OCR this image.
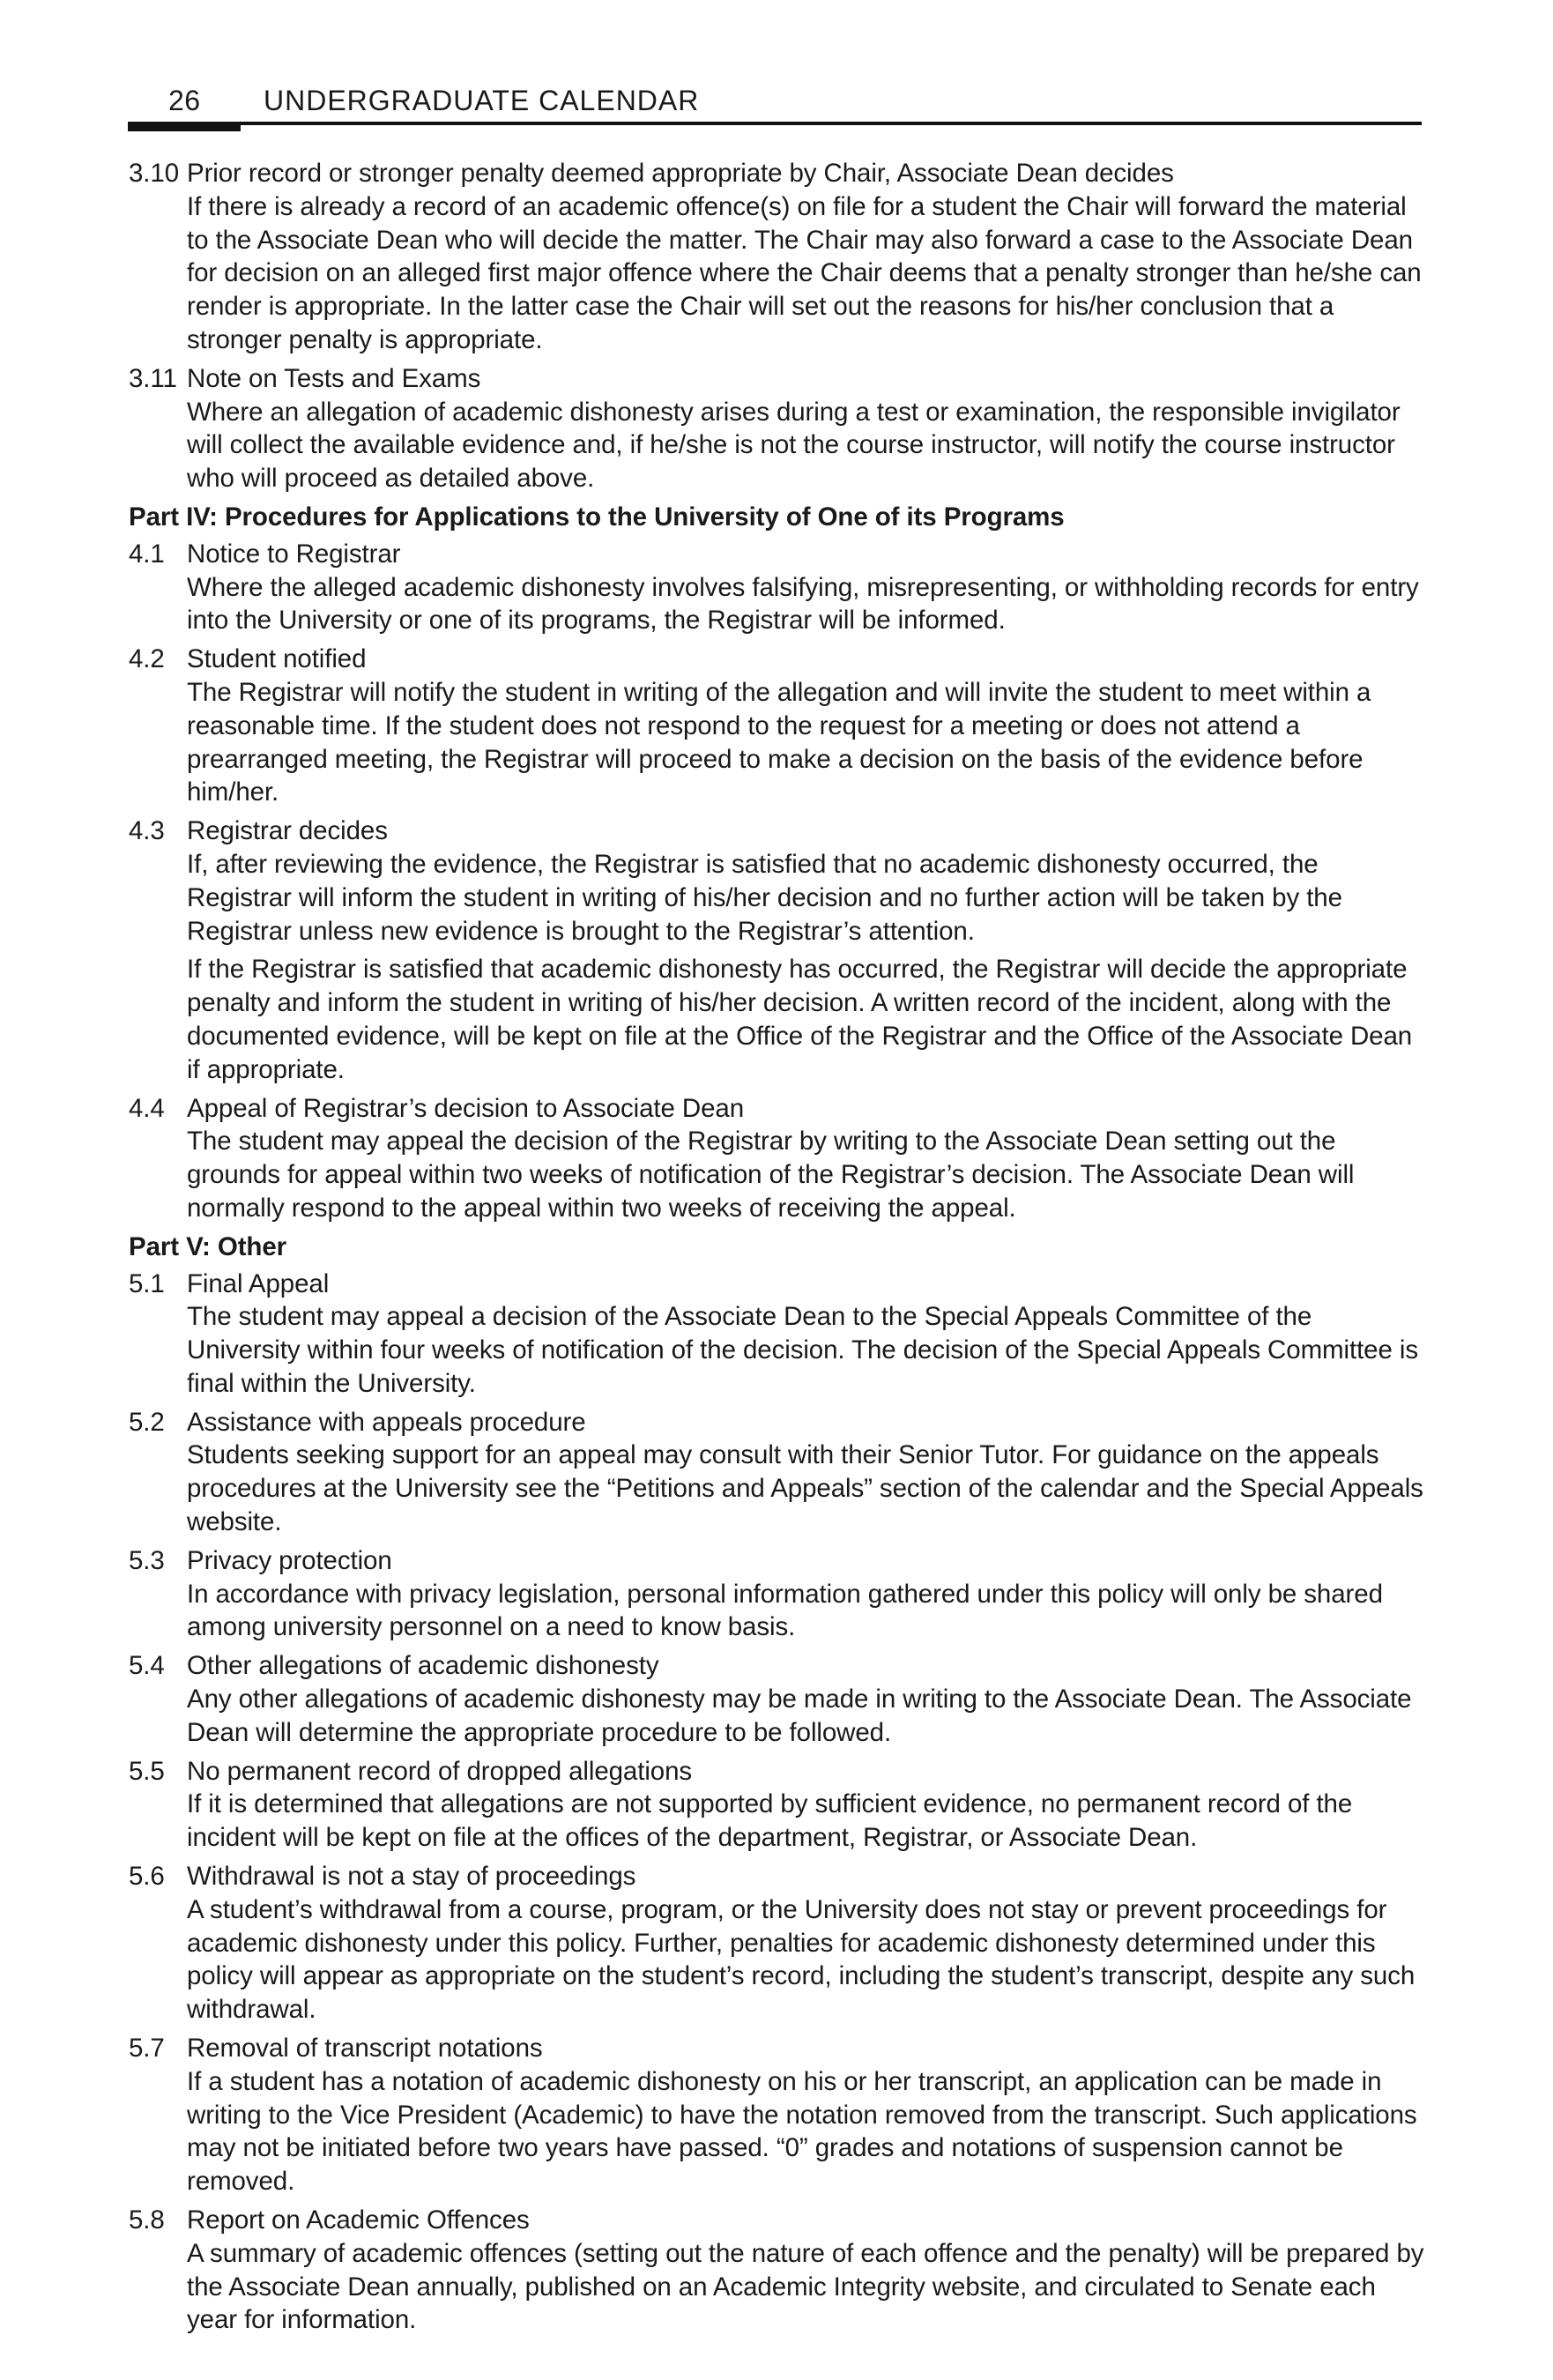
26 UNDERGRADUATE CALENDAR
3.10 Prior record or stronger penalty deemed appropriate by Chair, Associate Dean decides
If there is already a record of an academic offence(s) on file for a student the Chair will forward the material to the Associate Dean who will decide the matter. The Chair may also forward a case to the Associate Dean for decision on an alleged first major offence where the Chair deems that a penalty stronger than he/she can render is appropriate. In the latter case the Chair will set out the reasons for his/her conclusion that a stronger penalty is appropriate.
3.11 Note on Tests and Exams
Where an allegation of academic dishonesty arises during a test or examination, the responsible invigilator will collect the available evidence and, if he/she is not the course instructor, will notify the course instructor who will proceed as detailed above.
Part IV: Procedures for Applications to the University of One of its Programs
4.1 Notice to Registrar
Where the alleged academic dishonesty involves falsifying, misrepresenting, or withholding records for entry into the University or one of its programs, the Registrar will be informed.
4.2 Student notified
The Registrar will notify the student in writing of the allegation and will invite the student to meet within a reasonable time. If the student does not respond to the request for a meeting or does not attend a prearranged meeting, the Registrar will proceed to make a decision on the basis of the evidence before him/her.
4.3 Registrar decides
If, after reviewing the evidence, the Registrar is satisfied that no academic dishonesty occurred, the Registrar will inform the student in writing of his/her decision and no further action will be taken by the Registrar unless new evidence is brought to the Registrar’s attention.
If the Registrar is satisfied that academic dishonesty has occurred, the Registrar will decide the appropriate penalty and inform the student in writing of his/her decision. A written record of the incident, along with the documented evidence, will be kept on file at the Office of the Registrar and the Office of the Associate Dean if appropriate.
4.4 Appeal of Registrar’s decision to Associate Dean
The student may appeal the decision of the Registrar by writing to the Associate Dean setting out the grounds for appeal within two weeks of notification of the Registrar’s decision. The Associate Dean will normally respond to the appeal within two weeks of receiving the appeal.
Part V: Other
5.1 Final Appeal
The student may appeal a decision of the Associate Dean to the Special Appeals Committee of the University within four weeks of notification of the decision. The decision of the Special Appeals Committee is final within the University.
5.2 Assistance with appeals procedure
Students seeking support for an appeal may consult with their Senior Tutor. For guidance on the appeals procedures at the University see the “Petitions and Appeals” section of the calendar and the Special Appeals website.
5.3 Privacy protection
In accordance with privacy legislation, personal information gathered under this policy will only be shared among university personnel on a need to know basis.
5.4 Other allegations of academic dishonesty
Any other allegations of academic dishonesty may be made in writing to the Associate Dean. The Associate Dean will determine the appropriate procedure to be followed.
5.5 No permanent record of dropped allegations
If it is determined that allegations are not supported by sufficient evidence, no permanent record of the incident will be kept on file at the offices of the department, Registrar, or Associate Dean.
5.6 Withdrawal is not a stay of proceedings
A student’s withdrawal from a course, program, or the University does not stay or prevent proceedings for academic dishonesty under this policy. Further, penalties for academic dishonesty determined under this policy will appear as appropriate on the student’s record, including the student’s transcript, despite any such withdrawal.
5.7 Removal of transcript notations
If a student has a notation of academic dishonesty on his or her transcript, an application can be made in writing to the Vice President (Academic) to have the notation removed from the transcript. Such applications may not be initiated before two years have passed. “0” grades and notations of suspension cannot be removed.
5.8 Report on Academic Offences
A summary of academic offences (setting out the nature of each offence and the penalty) will be prepared by the Associate Dean annually, published on an Academic Integrity website, and circulated to Senate each year for information.
